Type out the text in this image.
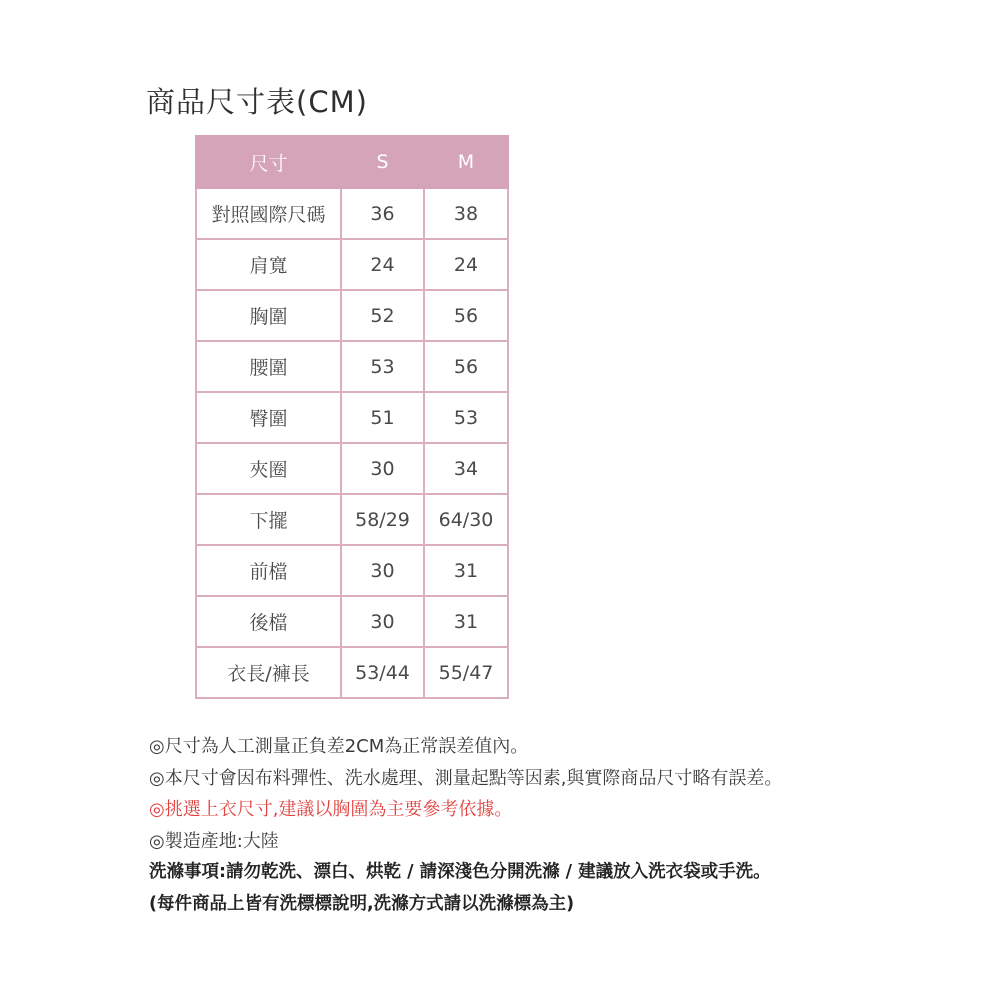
商品尺寸表(CM)
尺寸	S	M
對照國際尺碼	36	38
肩寬	24	24
胸圍	52	56
腰圍	53	56
臀圍	51	53
夾圈	30	34
下擺	58/29	64/30
前檔	30	31
後檔	30	31
衣長/褲長	53/44	55/47
◎尺寸為人工測量正負差2CM為正常誤差值內。
◎本尺寸會因布料彈性、洗水處理、測量起點等因素,與實際商品尺寸略有誤差。
◎挑選上衣尺寸,建議以胸圍為主要參考依據。
◎製造產地:大陸
洗滌事項:請勿乾洗、漂白、烘乾 / 請深淺色分開洗滌 / 建議放入洗衣袋或手洗。
(每件商品上皆有洗標標說明,洗滌方式請以洗滌標為主)
